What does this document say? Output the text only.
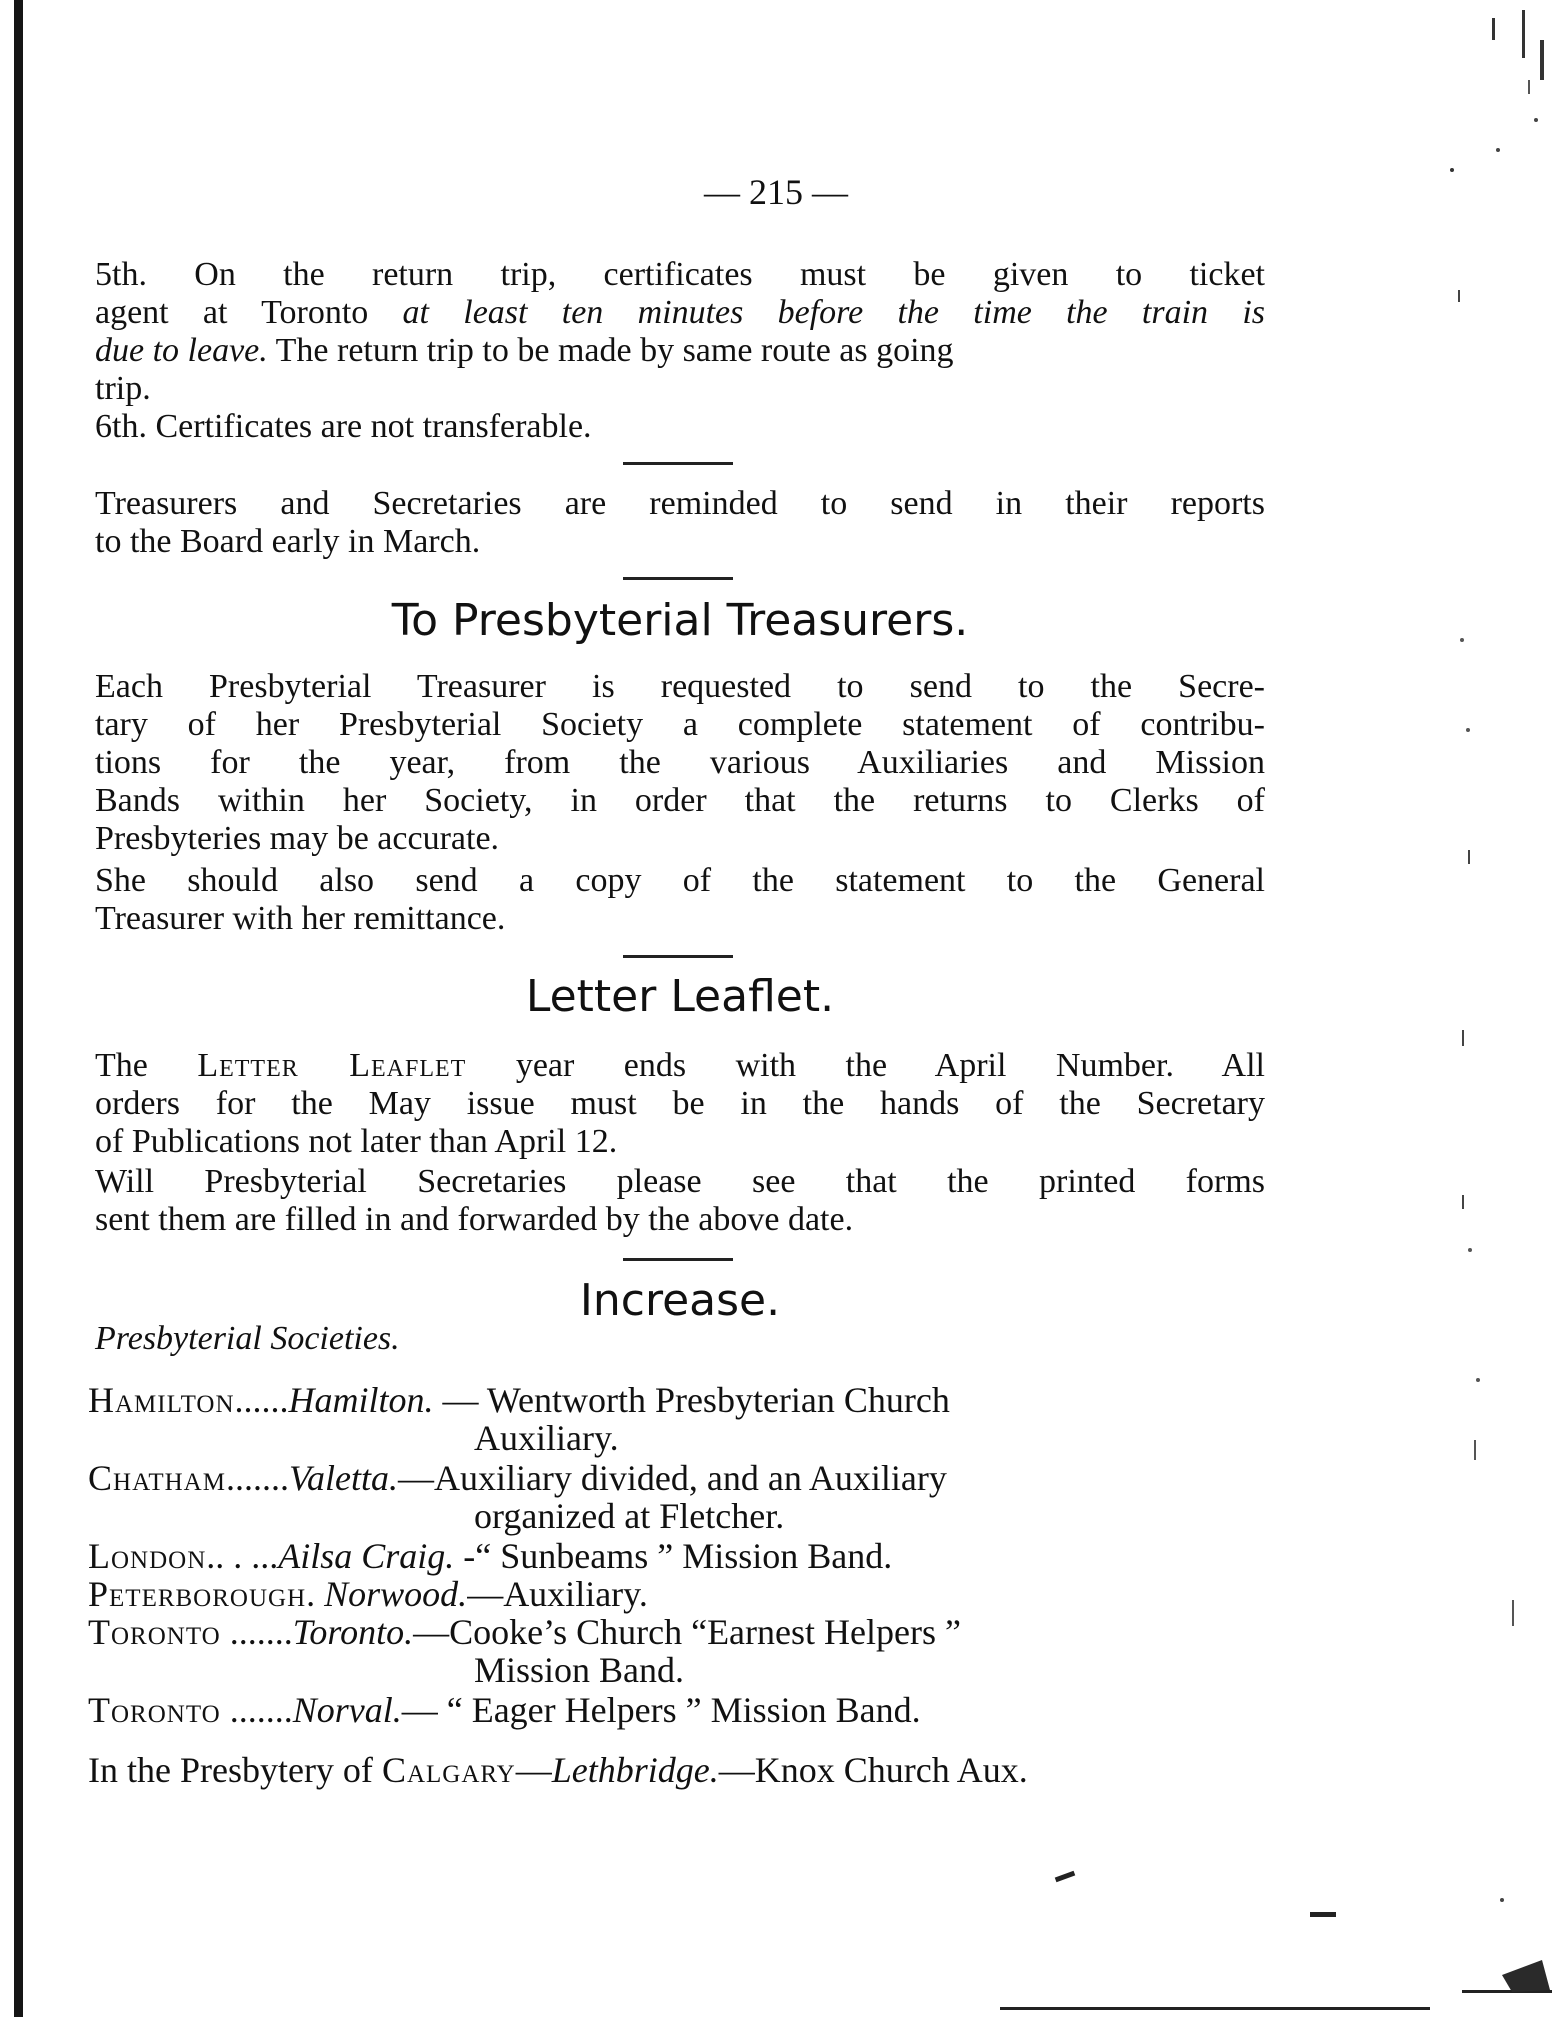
— 215 —
5th. On the return trip, certificates must be given to ticket
agent at Toronto at least ten minutes before the time the train is
due to leave. The return trip to be made by same route as going
trip.
6th. Certificates are not transferable.
Treasurers and Secretaries are reminded to send in their reports
to the Board early in March.
To Presbyterial Treasurers.
Each Presbyterial Treasurer is requested to send to the Secre-
tary of her Presbyterial Society a complete statement of contribu-
tions for the year, from the various Auxiliaries and Mission
Bands within her Society, in order that the returns to Clerks of
Presbyteries may be accurate.
She should also send a copy of the statement to the General
Treasurer with her remittance.
Letter Leaflet.
The Letter Leaflet year ends with the April Number. All
orders for the May issue must be in the hands of the Secretary
of Publications not later than April 12.
Will Presbyterial Secretaries please see that the printed forms
sent them are filled in and forwarded by the above date.
Increase.
Presbyterial Societies.
Hamilton......Hamilton. — Wentworth Presbyterian Church
Auxiliary.
Chatham.......Valetta.—Auxiliary divided, and an Auxiliary
organized at Fletcher.
London.. . ...Ailsa Craig. -“ Sunbeams ” Mission Band.
Peterborough. Norwood.—Auxiliary.
Toronto .......Toronto.—Cooke’s Church “Earnest Helpers ”
Mission Band.
Toronto .......Norval.— “ Eager Helpers ” Mission Band.
In the Presbytery of Calgary—Lethbridge.—Knox Church Aux.
